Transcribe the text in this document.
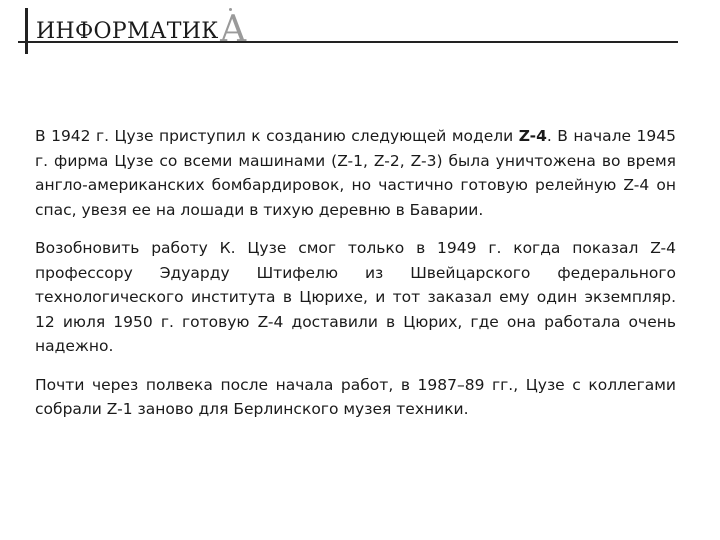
ИНФОРМАТИКА

В 1942 г. Цузе приступил к созданию следующей модели Z-4. В начале 1945 г. фирма Цузе со всеми машинами (Z-1, Z-2, Z-3) была уничтожена во время англо-американских бомбардировок, но частично готовую релейную Z-4 он спас, увезя ее на лошади в тихую деревню в Баварии.

Возобновить работу К. Цузе смог только в 1949 г. когда показал Z-4 профессору Эдуарду Штифелю из Швейцарского федерального технологического института в Цюрихе, и тот заказал ему один экземпляр. 12 июля 1950 г. готовую Z-4 доставили в Цюрих, где она работала очень надежно.

Почти через полвека после начала работ, в 1987–89 гг., Цузе с коллегами собрали Z-1 заново для Берлинского музея техники.
